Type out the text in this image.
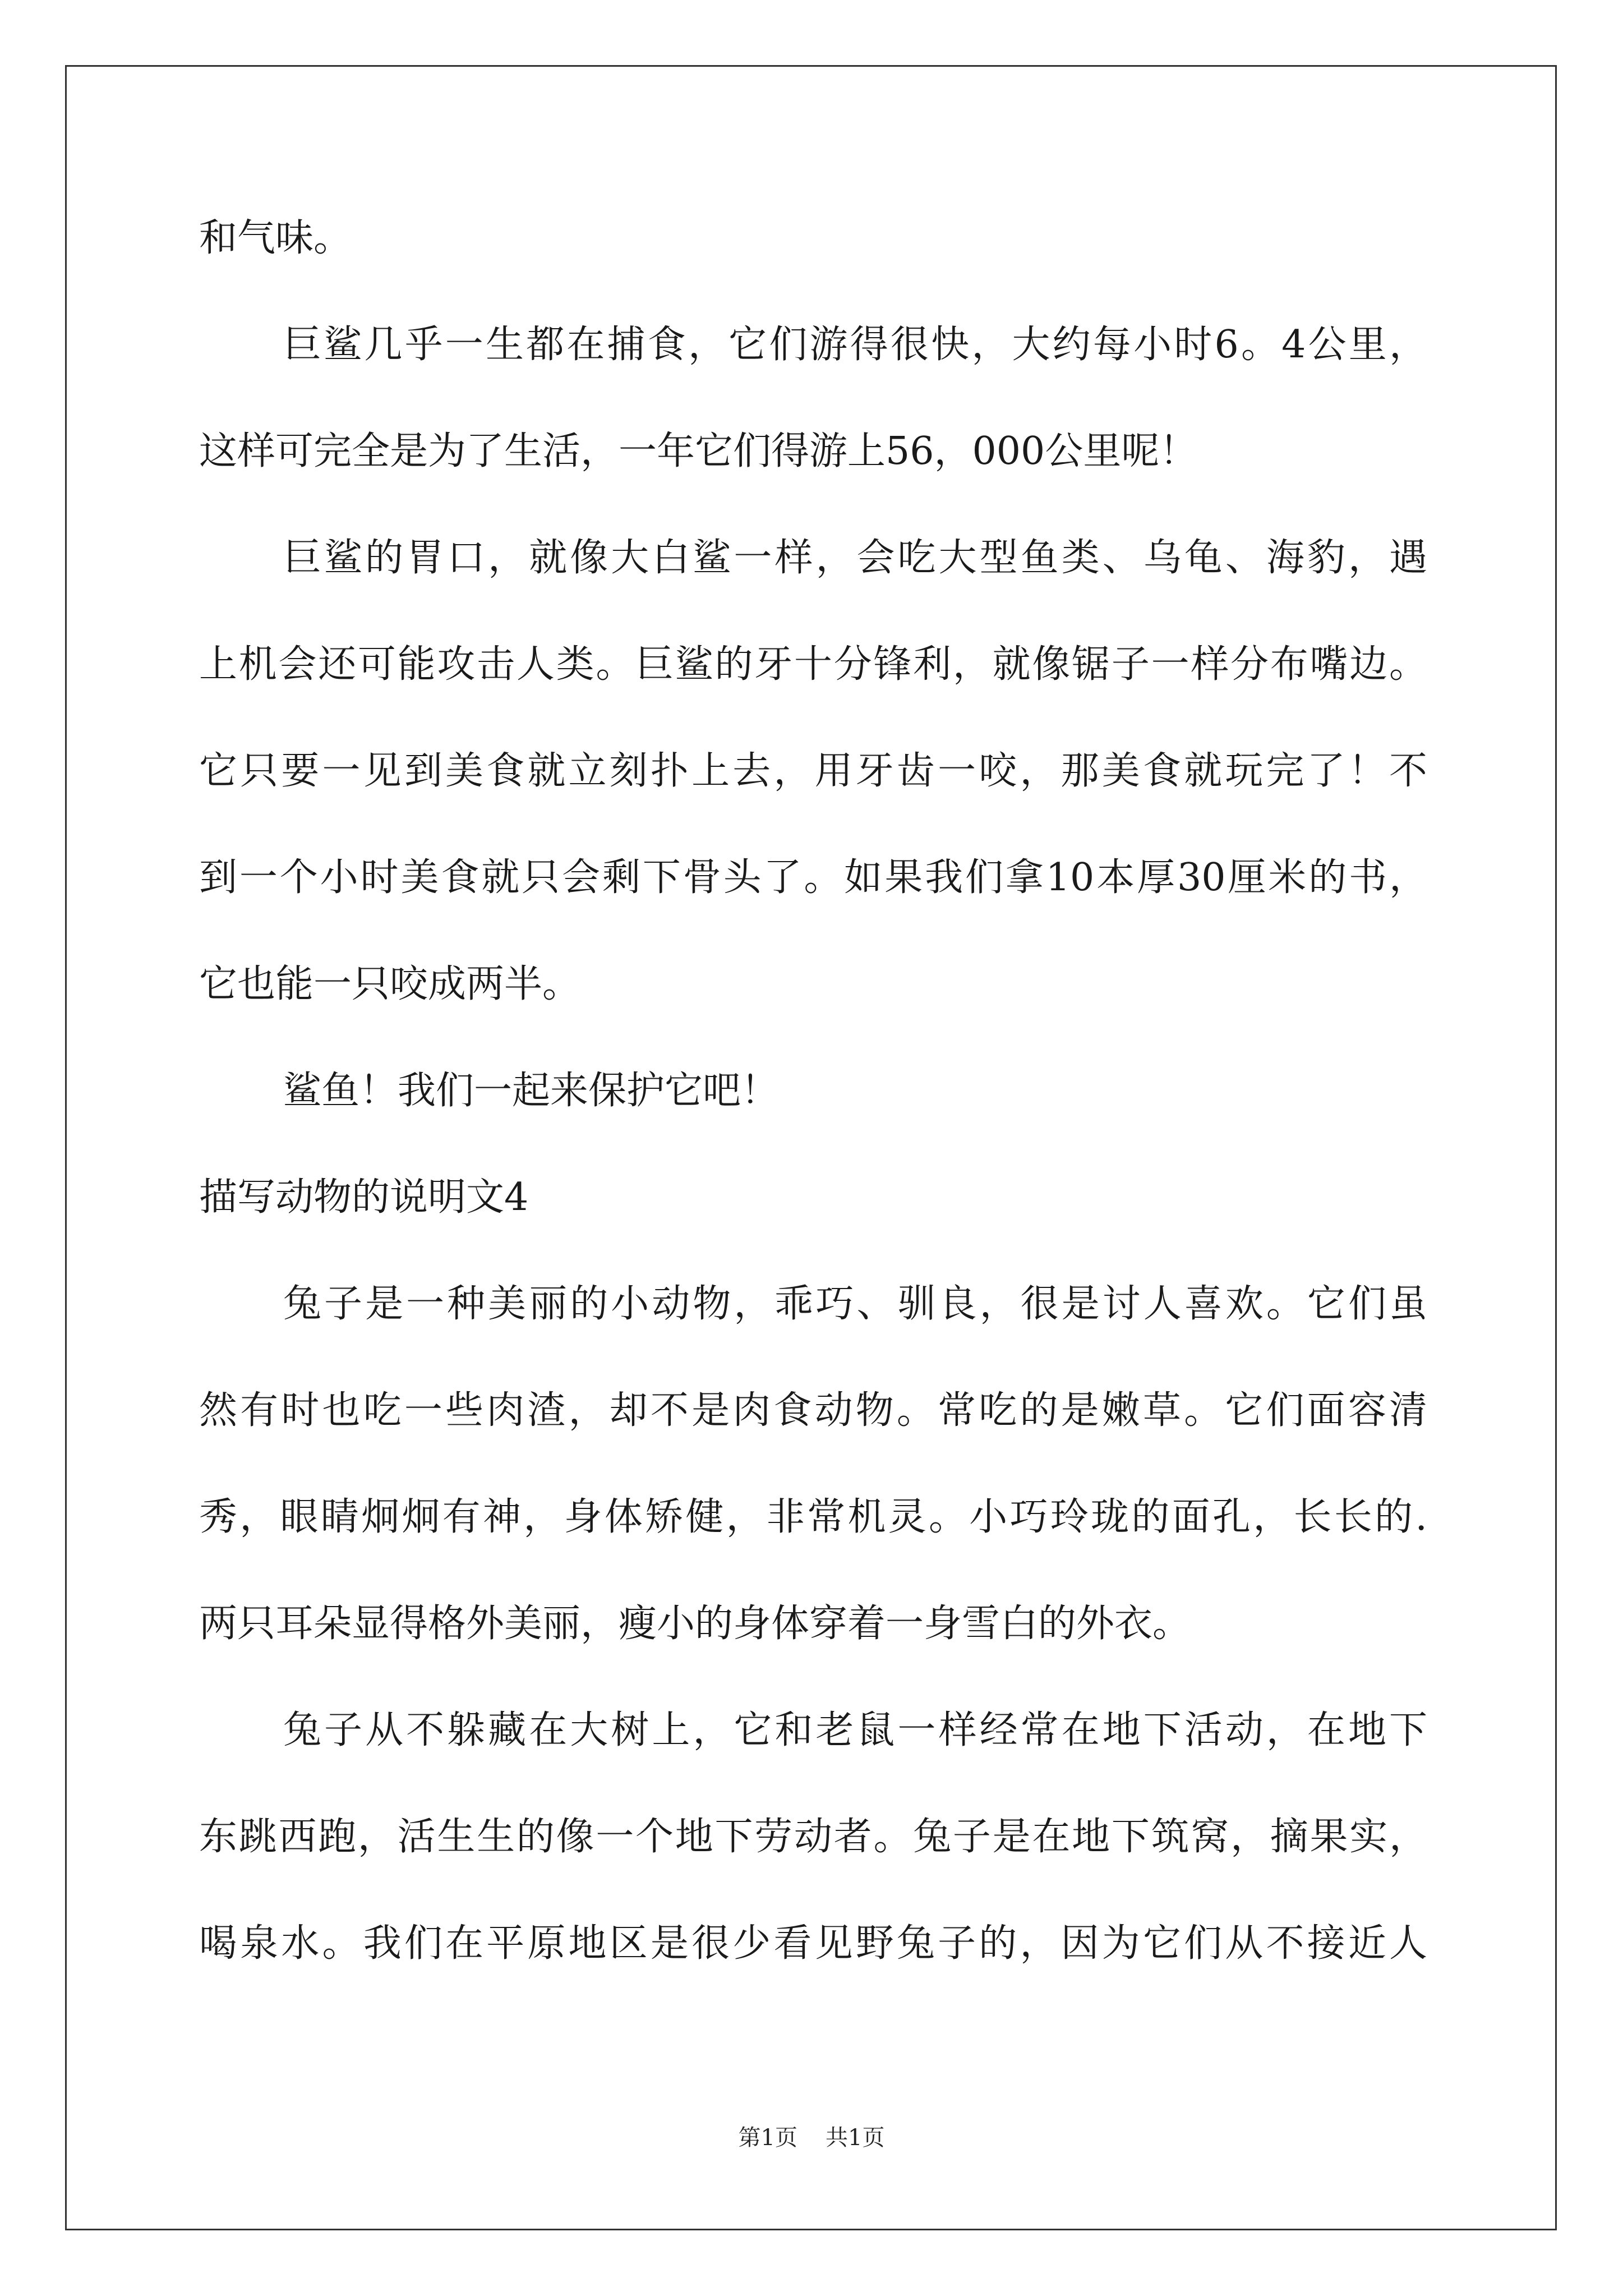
和气味。
巨鲨几乎一生都在捕食，它们游得很快，大约每小时6。4公里，
这样可完全是为了生活，一年它们得游上56，000公里呢！
巨鲨的胃口，就像大白鲨一样，会吃大型鱼类、乌龟、海豹，遇
上机会还可能攻击人类。巨鲨的牙十分锋利，就像锯子一样分布嘴边。
它只要一见到美食就立刻扑上去，用牙齿一咬，那美食就玩完了！不
到一个小时美食就只会剩下骨头了。如果我们拿10本厚30厘米的书，
它也能一只咬成两半。
鲨鱼！我们一起来保护它吧！
描写动物的说明文4
兔子是一种美丽的小动物，乖巧、驯良，很是讨人喜欢。它们虽
然有时也吃一些肉渣，却不是肉食动物。常吃的是嫩草。它们面容清
秀，眼睛炯炯有神，身体矫健，非常机灵。小巧玲珑的面孔，长长的.
两只耳朵显得格外美丽，瘦小的身体穿着一身雪白的外衣。
兔子从不躲藏在大树上，它和老鼠一样经常在地下活动，在地下
东跳西跑，活生生的像一个地下劳动者。兔子是在地下筑窝，摘果实，
喝泉水。我们在平原地区是很少看见野兔子的，因为它们从不接近人
第1页 共1页
